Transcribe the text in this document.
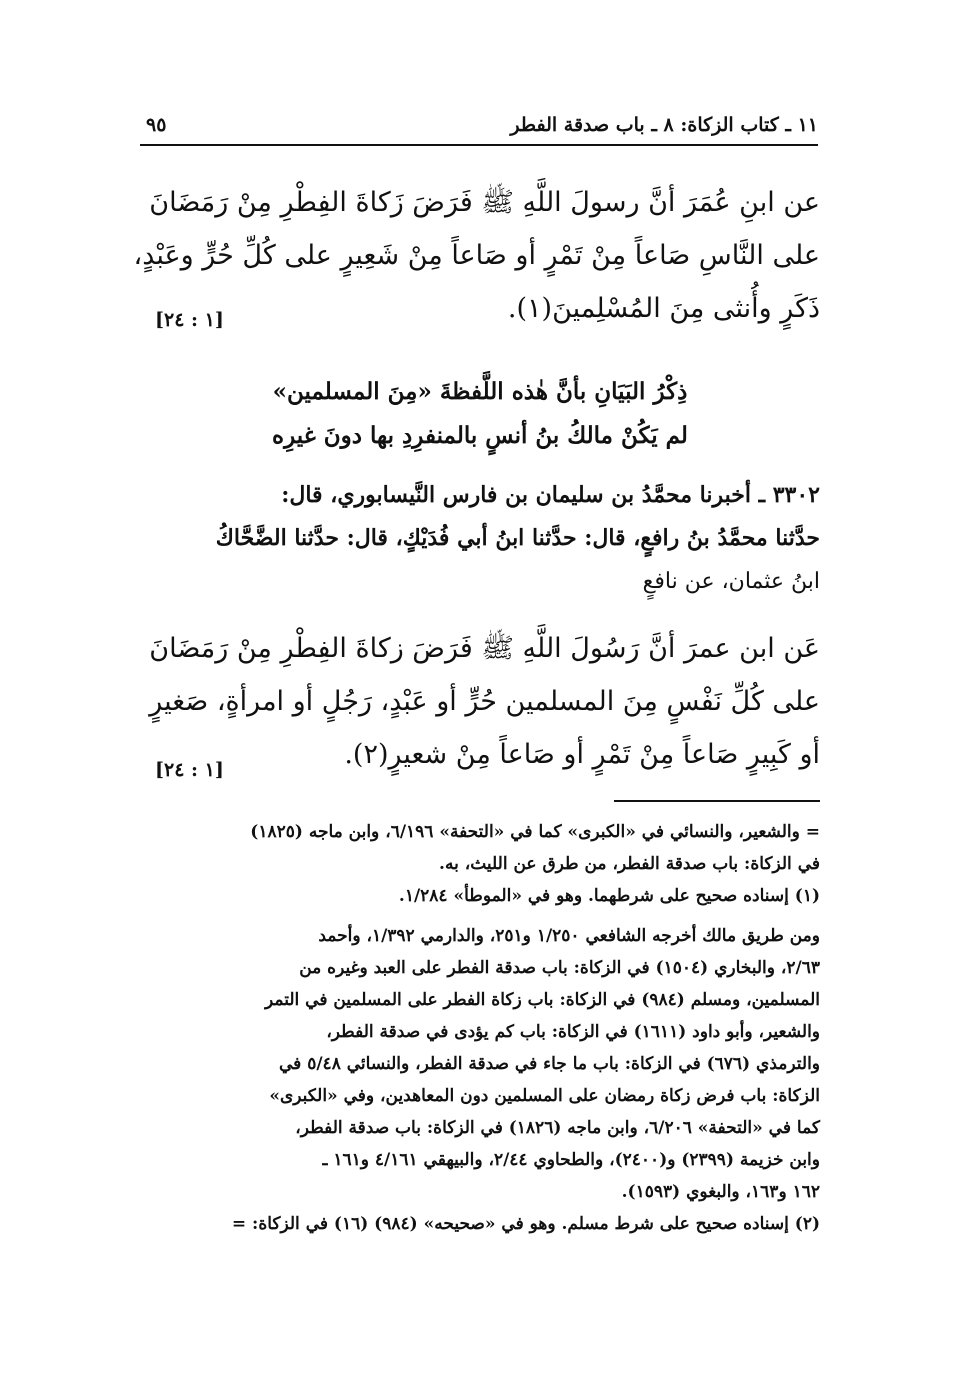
١١ ـ كتاب الزكاة: ٨ ـ باب صدقة الفطر
٩٥
عن ابنِ عُمَرَ أنَّ رسولَ اللَّهِ ﷺ فَرَضَ زَكاةَ الفِطْرِ مِنْ رَمَضَانَ
على النَّاسِ صَاعاً مِنْ تَمْرٍ أو صَاعاً مِنْ شَعِيرٍ على كُلِّ حُرٍّ وعَبْدٍ،
ذَكَرٍ وأُنثى مِنَ المُسْلِمينَ(١).
[١ : ٢٤]
ذِكْرُ البَيَانِ بأنَّ هٰذه اللَّفظةَ «مِنَ المسلمين»
لم يَكُنْ مالكُ بنُ أنسٍ بالمنفرِدِ بها دونَ غيرِه
٣٣٠٢ ـ أخبرنا محمَّدُ بن سليمان بن فارس النَّيسابوري، قال:
حدَّثنا محمَّدُ بنُ رافعٍ، قال: حدَّثنا ابنُ أبي فُدَيْكٍ، قال: حدَّثنا الضَّحَّاكُ
ابنُ عثمان، عن نافعٍ
عَن ابن عمرَ أنَّ رَسُولَ اللَّهِ ﷺ فَرَضَ زكاةَ الفِطْرِ مِنْ رَمَضَانَ
على كُلِّ نَفْسٍ مِنَ المسلمين حُرٍّ أو عَبْدٍ، رَجُلٍ أو امرأةٍ، صَغيرٍ
أو كَبِيرٍ صَاعاً مِنْ تَمْرٍ أو صَاعاً مِنْ شعيرٍ(٢).
[١ : ٢٤]
= والشعير، والنسائي في «الكبرى» كما في «التحفة» ٦/١٩٦، وابن ماجه (١٨٢٥)
في الزكاة: باب صدقة الفطر، من طرق عن الليث، به.
(١) إسناده صحيح على شرطهما. وهو في «الموطأ» ١/٢٨٤.
ومن طريق مالك أخرجه الشافعي ١/٢٥٠ و٢٥١، والدارمي ١/٣٩٢، وأحمد
٢/٦٣، والبخاري (١٥٠٤) في الزكاة: باب صدقة الفطر على العبد وغيره من
المسلمين، ومسلم (٩٨٤) في الزكاة: باب زكاة الفطر على المسلمين في التمر
والشعير، وأبو داود (١٦١١) في الزكاة: باب كم يؤدى في صدقة الفطر،
والترمذي (٦٧٦) في الزكاة: باب ما جاء في صدقة الفطر، والنسائي ٥/٤٨ في
الزكاة: باب فرض زكاة رمضان على المسلمين دون المعاهدين، وفي «الكبرى»
كما في «التحفة» ٦/٢٠٦، وابن ماجه (١٨٢٦) في الزكاة: باب صدقة الفطر،
وابن خزيمة (٢٣٩٩) و(٢٤٠٠)، والطحاوي ٢/٤٤، والبيهقي ٤/١٦١ و١٦١ ـ
١٦٢ و١٦٣، والبغوي (١٥٩٣).
(٢) إسناده صحيح على شرط مسلم. وهو في «صحيحه» (٩٨٤) (١٦) في الزكاة: =
